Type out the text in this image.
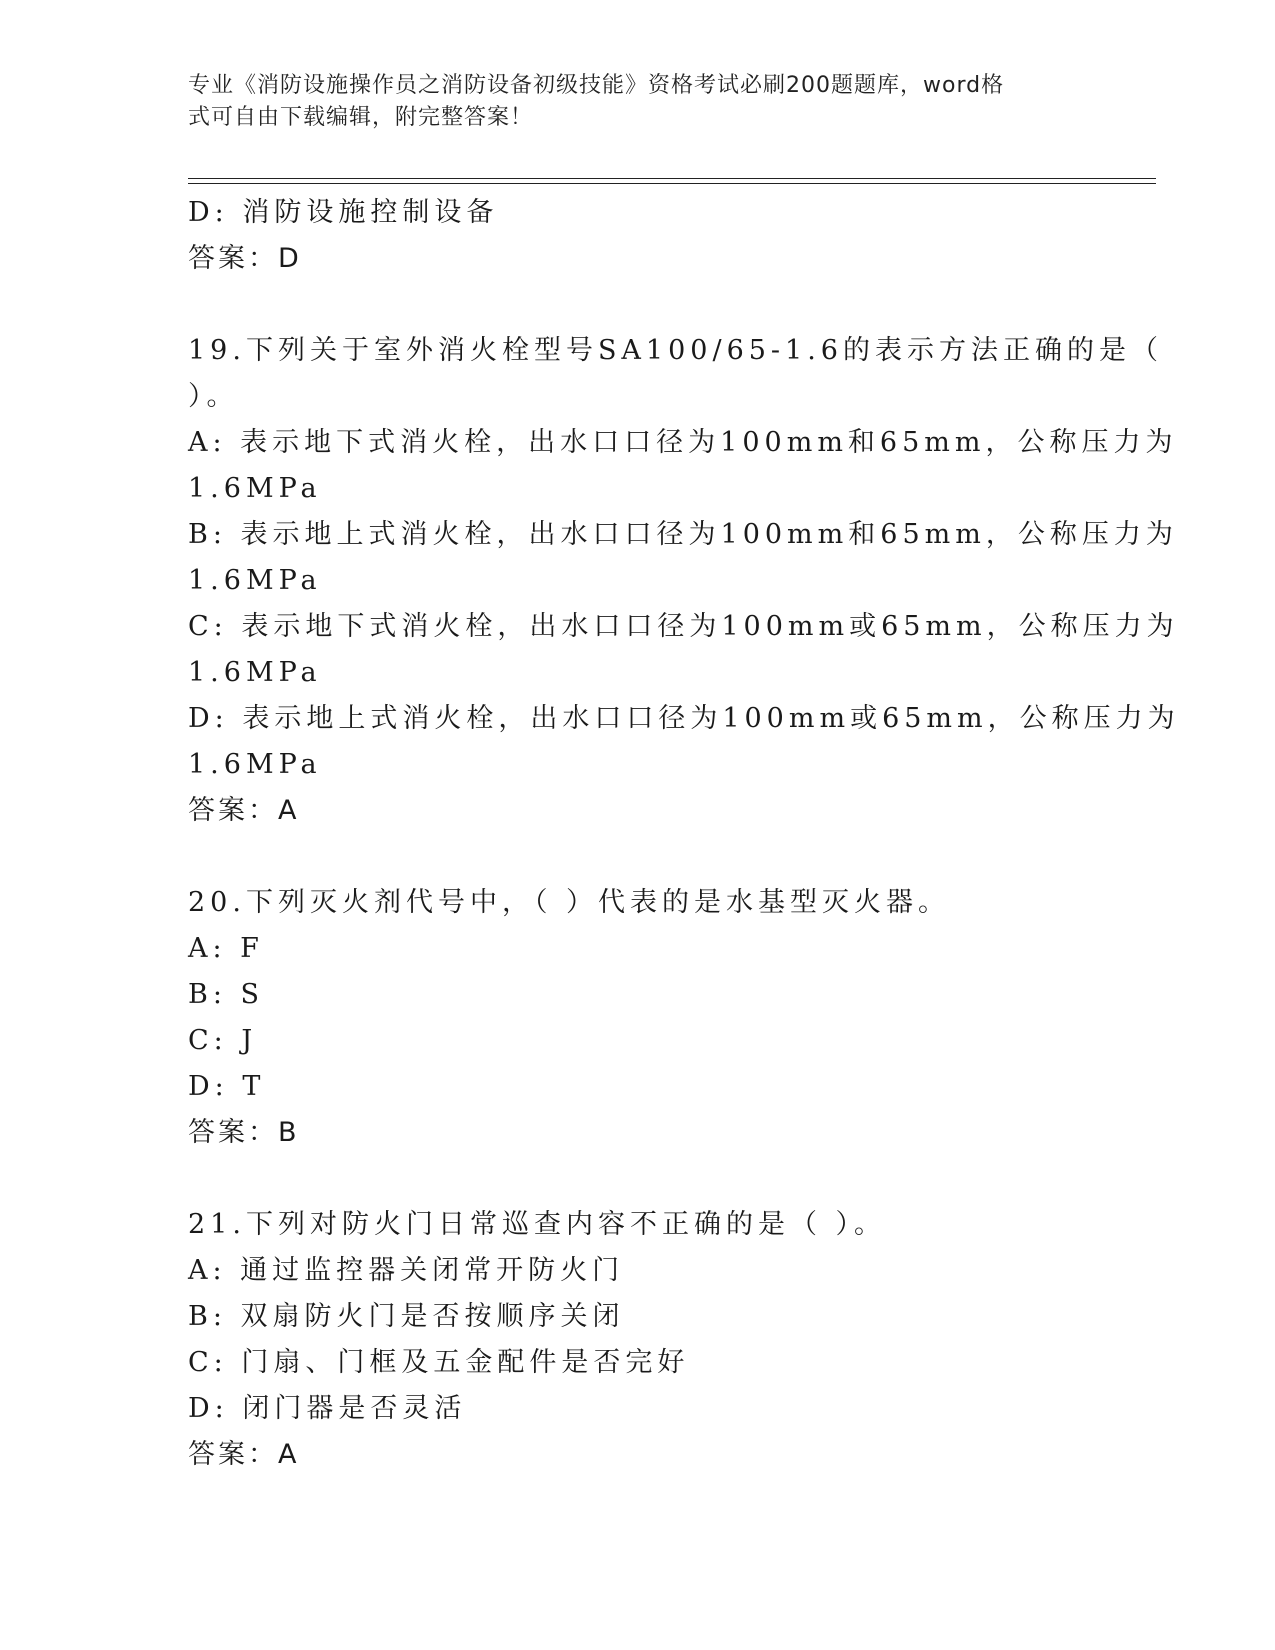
专业《消防设施操作员之消防设备初级技能》资格考试必刷200题题库，word格
式可自由下载编辑，附完整答案！
D: 消防设施控制设备
答案：D
19.下列关于室外消火栓型号SA100/65-1.6的表示方法正确的是（
）。
A: 表示地下式消火栓，出水口口径为100mm和65mm，公称压力为
1.6MPa
B: 表示地上式消火栓，出水口口径为100mm和65mm，公称压力为
1.6MPa
C: 表示地下式消火栓，出水口口径为100mm或65mm，公称压力为
1.6MPa
D: 表示地上式消火栓，出水口口径为100mm或65mm，公称压力为
1.6MPa
答案：A
20.下列灭火剂代号中，（ ）代表的是水基型灭火器。
A: F
B: S
C: J
D: T
答案：B
21.下列对防火门日常巡查内容不正确的是（ ）。
A: 通过监控器关闭常开防火门
B: 双扇防火门是否按顺序关闭
C: 门扇、门框及五金配件是否完好
D: 闭门器是否灵活
答案：A
